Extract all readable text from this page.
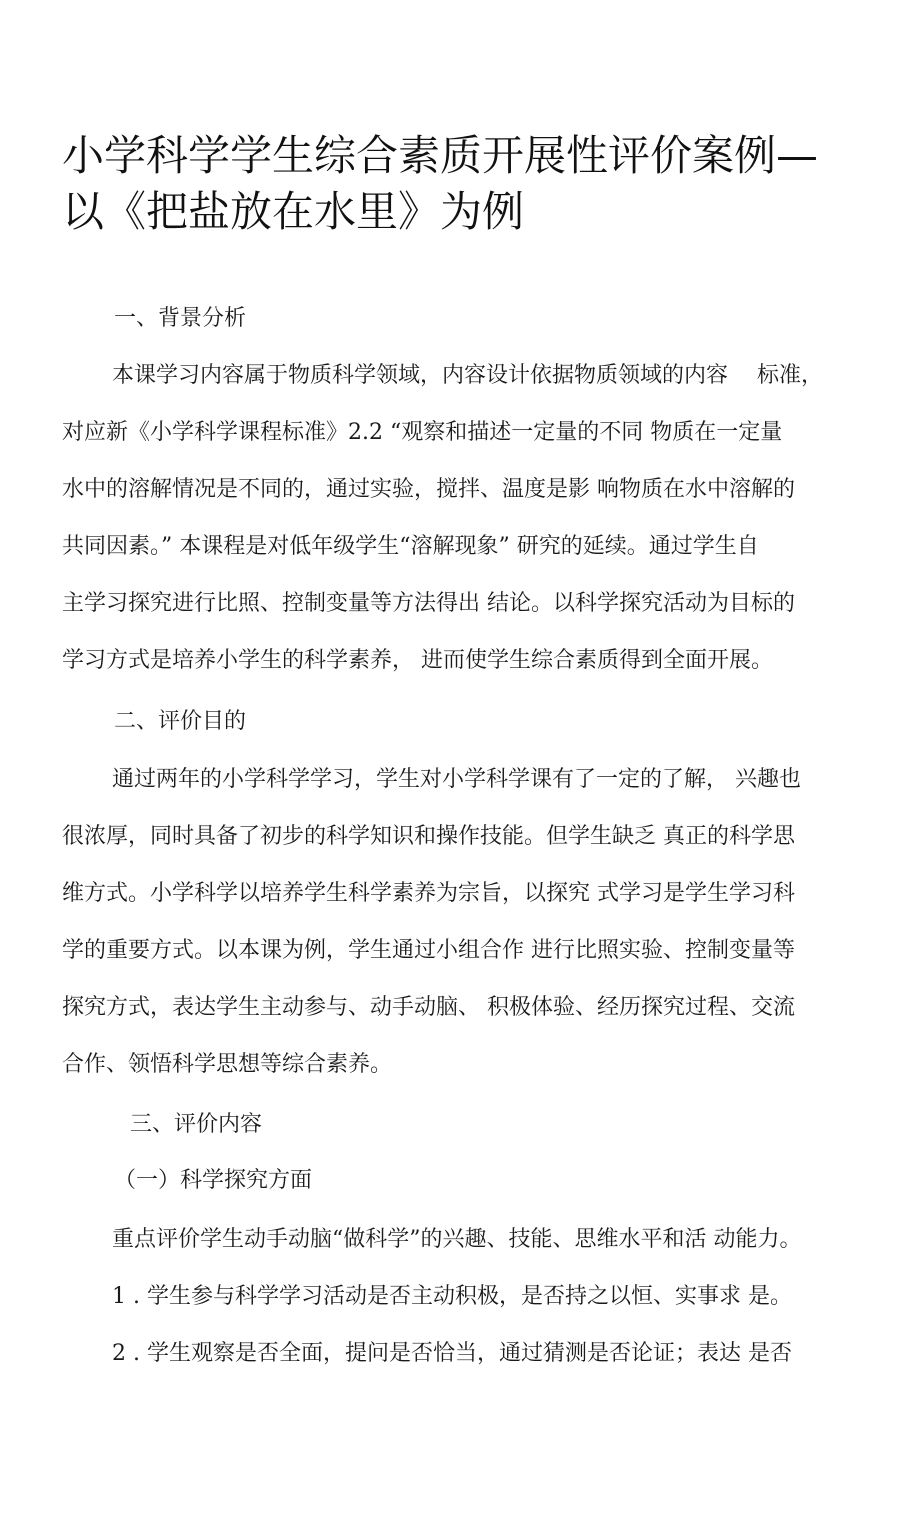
小学科学学生综合素质开展性评价案例—
以《把盐放在水里》为例

一、背景分析

本课学习内容属于物质科学领域，内容设计依据物质领域的内容　 标准，
对应新《小学科学课程标准》2.2 “观察和描述一定量的不同 物质在一定量
水中的溶解情况是不同的，通过实验，搅拌、温度是影 响物质在水中溶解的
共同因素。” 本课程是对低年级学生“溶解现象” 研究的延续。通过学生自
主学习探究进行比照、控制变量等方法得出 结论。以科学探究活动为目标的
学习方式是培养小学生的科学素养， 进而使学生综合素质得到全面开展。

二、评价目的

通过两年的小学科学学习，学生对小学科学课有了一定的了解， 兴趣也
很浓厚，同时具备了初步的科学知识和操作技能。但学生缺乏 真正的科学思
维方式。小学科学以培养学生科学素养为宗旨，以探究 式学习是学生学习科
学的重要方式。以本课为例，学生通过小组合作 进行比照实验、控制变量等
探究方式，表达学生主动参与、动手动脑、 积极体验、经历探究过程、交流
合作、领悟科学思想等综合素养。

三、评价内容

（一）科学探究方面

重点评价学生动手动脑“做科学”的兴趣、技能、思维水平和活 动能力。
1 . 学生参与科学学习活动是否主动积极，是否持之以恒、实事求 是。
2 . 学生观察是否全面，提问是否恰当，通过猜测是否论证；表达 是否
